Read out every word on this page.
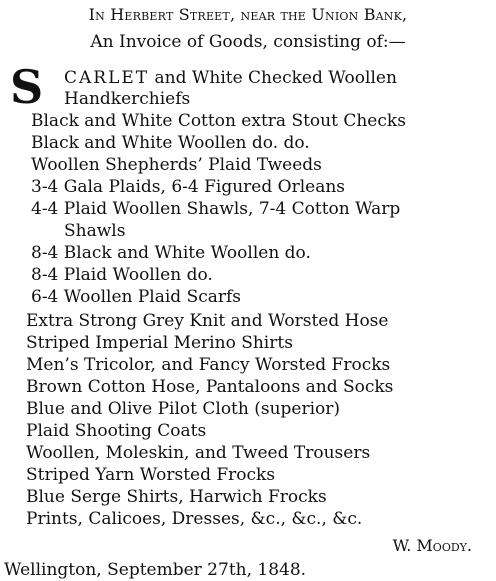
In Herbert Street, near the Union Bank,
An Invoice of Goods, consisting of:—
S CARLET and White Checked Woollen
Handkerchiefs
Black and White Cotton extra Stout Checks
Black and White Woollen do. do.
Woollen Shepherds’ Plaid Tweeds
3-4 Gala Plaids, 6-4 Figured Orleans
4-4 Plaid Woollen Shawls, 7-4 Cotton Warp
Shawls
8-4 Black and White Woollen do.
8-4 Plaid Woollen do.
6-4 Woollen Plaid Scarfs
Extra Strong Grey Knit and Worsted Hose
Striped Imperial Merino Shirts
Men’s Tricolor, and Fancy Worsted Frocks
Brown Cotton Hose, Pantaloons and Socks
Blue and Olive Pilot Cloth (superior)
Plaid Shooting Coats
Woollen, Moleskin, and Tweed Trousers
Striped Yarn Worsted Frocks
Blue Serge Shirts, Harwich Frocks
Prints, Calicoes, Dresses, &c., &c., &c.
W. Moody.
Wellington, September 27th, 1848.
